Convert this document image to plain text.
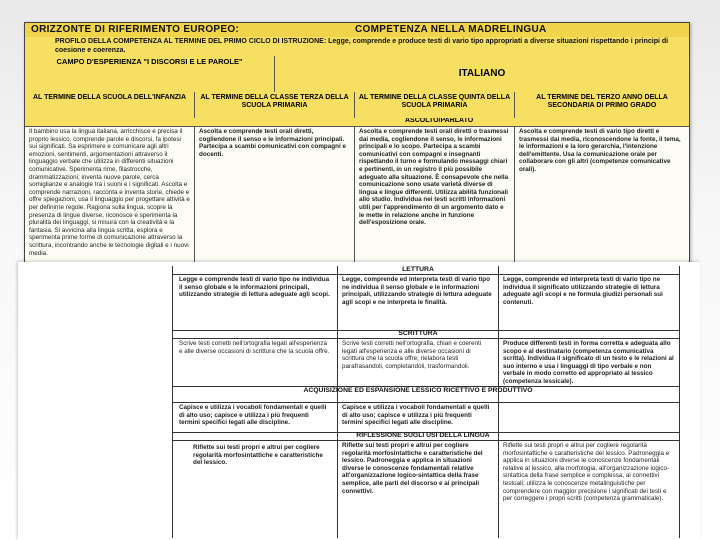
ORIZZONTE DI RIFERIMENTO EUROPEO:	COMPETENZA NELLA MADRELINGUA
PROFILO DELLA COMPETENZA AL TERMINE DEL PRIMO CICLO DI ISTRUZIONE: Legge, comprende e produce testi di vario tipo appropriati a diverse situazioni rispettando i principi di coesione e coerenza.
CAMPO D'ESPERIENZA "I DISCORSI E LE PAROLE"
ITALIANO
AL TERMINE DELLA SCUOLA DELL'INFANZIA	AL TERMINE DELLA CLASSE TERZA DELLA SCUOLA PRIMARIA
AL TERMINE DELLA CLASSE QUINTA DELLA SCUOLA PRIMARIA
AL TERMINE DEL TERZO ANNO DELLA SECONDARIA DI PRIMO GRADO
ASCOLTO/PARLATO
Il bambino usa la lingua italiana, arricchisce e precisa il proprio lessico, comprende parole e discorsi, fa ipotesi sui significati. Sa esprimere e comunicare agli altri emozioni, sentimenti, argomentazioni attraverso il linguaggio verbale che utilizza in differenti situazioni comunicative. Sperimenta rime, filastrocche, drammatizzazioni; inventa nuove parole, cerca somiglianze e analogie tra i suoni e i significati. Ascolta e comprende narrazioni, racconta e inventa storie, chiede e offre spiegazioni, usa il linguaggio per progettare attività e per definirne regole. Ragiona sulla lingua, scopre la presenza di lingue diverse, riconosce e sperimenta la pluralità dei linguaggi, si misura con la creatività e la fantasia. Si avvicina alla lingua scritta, esplora e sperimenta prime forme di comunicazione attraverso la scrittura, incontrando anche le tecnologie digitali e i nuovi media.
Ascolta e comprende testi orali diretti, cogliendone il senso e le informazioni principali. Partecipa a scambi comunicativi con compagni e docenti.
Ascolta e comprende testi orali diretti o trasmessi dai media, cogliendone il senso, le informazioni principali e lo scopo. Partecipa a scambi comunicativi con compagni e insegnanti rispettando il turno e formulando messaggi chiari e pertinenti, in un registro il più possibile adeguato alla situazione. È consapevole che nella comunicazione sono usate varietà diverse di lingua e lingue differenti. Utilizza abilità funzionali allo studio. Individua nei testi scritti informazioni utili per l'apprendimento di un argomento dato e le mette in relazione anche in funzione dell'esposizione orale.
Ascolta e comprende testi di vario tipo diretti e trasmessi dai media, riconoscendone la fonte, il tema, le informazioni e la loro gerarchia, l'intenzione dell'emittente. Usa la comunicazione orale per collaborare con gli altri (competenze comunicative orali).
LETTURA
Legge e comprende testi di vario tipo ne individua il senso globale e le informazioni principali, utilizzando strategie di lettura adeguate agli scopi.
Legge, comprende ed interpreta testi di vario tipo ne individua il senso globale e le informazioni principali, utilizzando strategie di lettura adeguate agli scopi e ne interpreta le finalità.
Legge, comprende ed interpreta testi di vario tipo ne individua il significato utilizzando strategie di lettura adeguate agli scopi e ne formula giudizi personali sui contenuti.
SCRITTURA
Scrive testi corretti nell'ortografia legati all'esperienza e alle diverse occasioni di scrittura che la scuola offre.
Scrive testi corretti nell'ortografia, chiari e coerenti legati all'esperienza e alle diverse occasioni di scrittura che la scuola offre; rielabora testi parafrasandoli, completandoli, trasformandoli.
Produce differenti testi in forma corretta e adeguata allo scopo e al destinatario (competenza comunicativa scritta). Individua il significato di un testo e le relazioni al suo interno e usa i linguaggi di tipo verbale e non verbale in modo corretto ed appropriato al lessico (competenza lessicale).
ACQUISIZIONE ED ESPANSIONE LESSICO RICETTIVO E PRODUTTIVO
Capisce e utilizza i vocaboli fondamentali e quelli di alto uso; capisce e utilizza i più frequenti termini specifici legati alle discipline.
Capisce e utilizza i vocaboli fondamentali e quelli di alto uso; capisce e utilizza i più frequenti termini specifici legati alle discipline.
RIFLESSIONE SUGLI USI DELLA LINGUA
Riflette sui testi propri e altrui per cogliere regolarità morfosintattiche e caratteristiche del lessico.
Riflette sui testi propri e altrui per cogliere regolarità morfosintattiche e caratteristiche del lessico. Padroneggia e applica in situazioni diverse le conoscenze fondamentali relative all'organizzazione logico-sintattica della frase semplice, alle parti del discorso e ai principali connettivi.
Riflette sui testi propri e altrui per cogliere regolarità morfosintattiche e caratteristiche del lessico. Padroneggia e applica in situazioni diverse le conoscenze fondamentali relative al lessico, alla morfologia, all'organizzazione logico-sintattica della frase semplice e complessa, ai connettivi testuali; utilizza le conoscenze metalinguistiche per comprendere con maggior precisione i significati dei testi e per correggere i propri scritti (competenza grammaticale).
